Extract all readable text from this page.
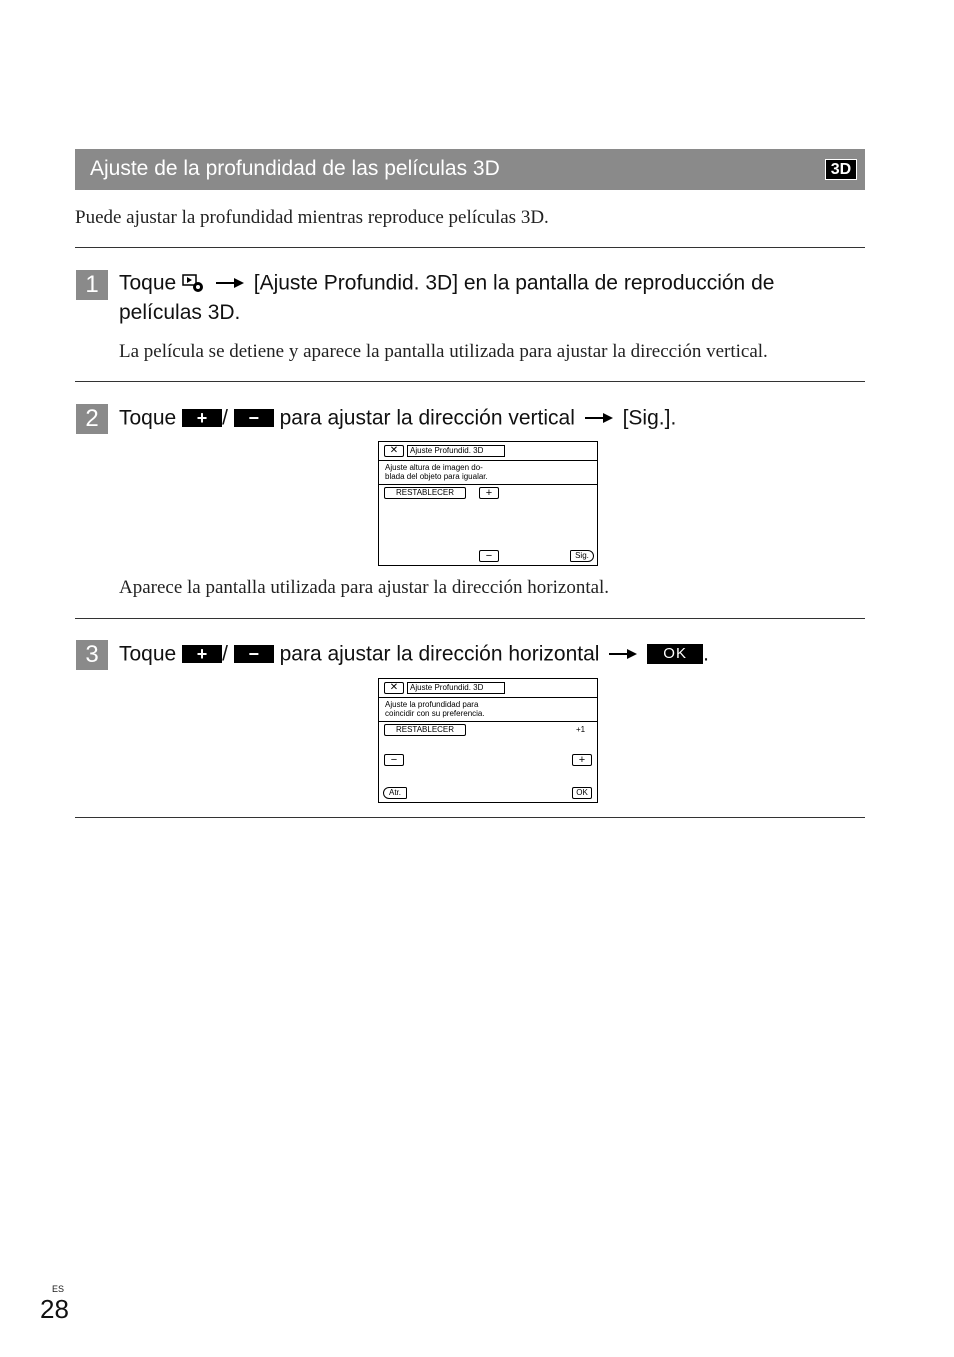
Ajuste de la profundidad de las películas 3D	3D
Puede ajustar la profundidad mientras reproduce películas 3D.
1 Toque	[Ajuste Profundid. 3D] en la pantalla de reproducción de
películas 3D.
La película se detiene y aparece la pantalla utilizada para ajustar la dirección vertical.
2 Toque + / − para ajustar la dirección vertical [Sig.].
✕	Ajuste Profundid. 3D
Ajuste altura de imagen do-
blada del objeto para igualar.
RESTABLECER	+
−	Sig.
Aparece la pantalla utilizada para ajustar la dirección horizontal.
3 Toque + / − para ajustar la dirección horizontal	OK .
✕	Ajuste Profundid. 3D
Ajuste la profundidad para
coincidir con su preferencia.
RESTABLECER	+1
−	+
Atr.	OK
ES
28
